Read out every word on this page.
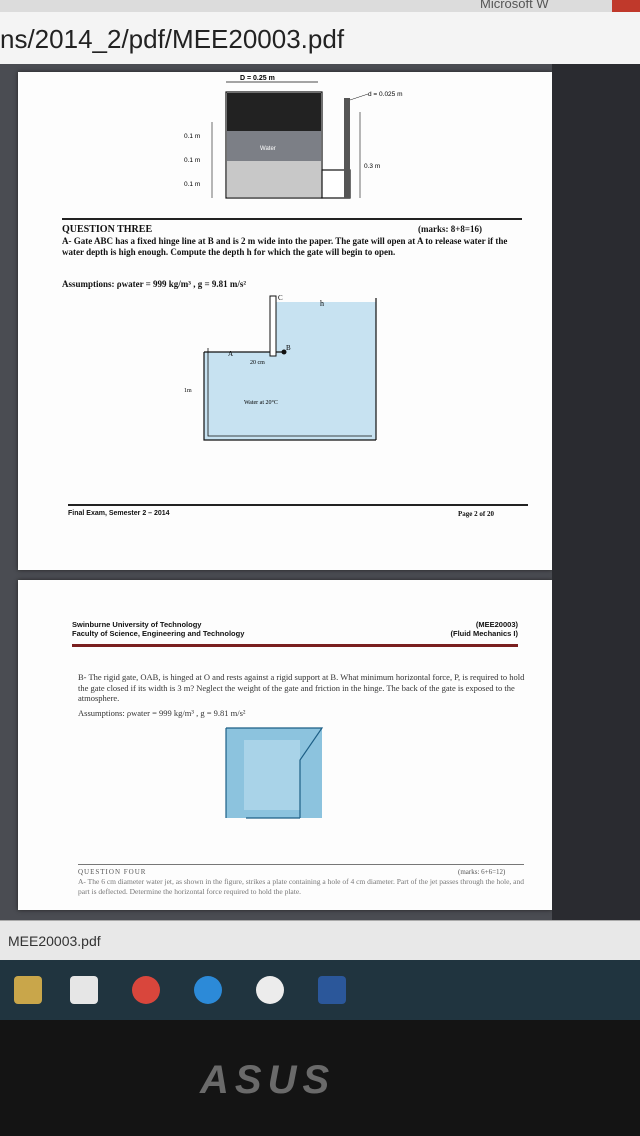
Microsoft W
ns/2014_2/pdf/MEE20003.pdf
D = 0.25 m
Water
d = 0.025 m
0.3 m
0.1 m
0.1 m
0.1 m
QUESTION THREE	(marks: 8+8=16)
A- Gate ABC has a fixed hinge line at B and is 2 m wide into the paper. The gate will open at A to release water if the water depth is high enough. Compute the depth h for which the gate will begin to open.
Assumptions: ρwater = 999 kg/m³ , g = 9.81 m/s²
A
B
C
h
20 cm
1m
Water at 20°C
Final Exam, Semester 2 – 2014	Page 2 of 20
Swinburne University of Technology
Faculty of Science, Engineering and Technology
(MEE20003)
(Fluid Mechanics I)
B- The rigid gate, OAB, is hinged at O and rests against a rigid support at B. What minimum horizontal force, P, is required to hold the gate closed if its width is 3 m? Neglect the weight of the gate and friction in the hinge. The back of the gate is exposed to the atmosphere.
Assumptions: ρwater = 999 kg/m³ , g = 9.81 m/s²
QUESTION FOUR	(marks: 6+6=12)
A- The 6 cm diameter water jet, as shown in the figure, strikes a plate containing a hole of 4 cm diameter. Part of the jet passes through the hole, and part is deflected. Determine the horizontal force required to hold the plate.
MEE20003.pdf
ASUS
